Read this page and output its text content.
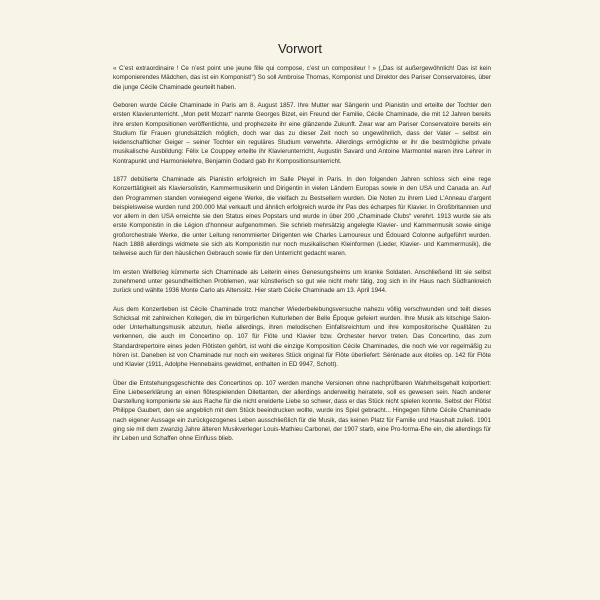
Vorwort

« C’est extraordinaire ! Ce n’est point une jeune fille qui compose, c’est un compositeur ! » („Das ist außergewöhnlich! Das ist kein komponierendes Mädchen, das ist ein Komponist!“) So soll Ambroise Thomas, Komponist und Direktor des Pariser Conservatoires, über die junge Cécile Chaminade geurteilt haben.

Geboren wurde Cécile Chaminade in Paris am 8. August 1857. Ihre Mutter war Sängerin und Pianistin und erteilte der Tochter den ersten Klavierunterricht. „Mon petit Mozart“ nannte Georges Bizet, ein Freund der Familie, Cécile Chaminade, die mit 12 Jahren bereits ihre ersten Kompositionen veröffentlichte, und prophezeite ihr eine glänzende Zukunft. Zwar war am Pariser Conservatoire bereits ein Studium für Frauen grundsätzlich möglich, doch war das zu dieser Zeit noch so ungewöhnlich, dass der Vater – selbst ein leidenschaftlicher Geiger – seiner Tochter ein reguläres Studium verwehrte. Allerdings ermöglichte er ihr die bestmögliche private musikalische Ausbildung: Félix Le Couppey erteilte ihr Klavierunterricht, Augustin Savard und Antoine Marmontel waren ihre Lehrer in Kontrapunkt und Harmonielehre, Benjamin Godard gab ihr Kompositionsunterricht.

1877 debütierte Chaminade als Pianistin erfolgreich im Salle Pleyel in Paris. In den folgenden Jahren schloss sich eine rege Konzerttätigkeit als Klaviersolistin, Kammermusikerin und Dirigentin in vielen Ländern Europas sowie in den USA und Canada an. Auf den Programmen standen vorwiegend eigene Werke, die vielfach zu Bestsellern wurden. Die Noten zu ihrem Lied L’Anneau d’argent beispielsweise wurden rund 200.000 Mal verkauft und ähnlich erfolgreich wurde ihr Pas des écharpes für Klavier. In Großbritannien und vor allem in den USA erreichte sie den Status eines Popstars und wurde in über 200 „Chaminade Clubs“ verehrt. 1913 wurde sie als erste Komponistin in die Légion d’honneur aufgenommen. Sie schrieb mehrsätzig angelegte Klavier- und Kammermusik sowie einige großorchestrale Werke, die unter Leitung renommierter Dirigenten wie Charles Lamoureux und Édouard Colonne aufgeführt wurden. Nach 1888 allerdings widmete sie sich als Komponistin nur noch musikalischen Kleinformen (Lieder, Klavier- und Kammermusik), die teilweise auch für den häuslichen Gebrauch sowie für den Unterricht gedacht waren.

Im ersten Weltkrieg kümmerte sich Chaminade als Leiterin eines Genesungsheims um kranke Soldaten. Anschließend litt sie selbst zunehmend unter gesundheitlichen Problemen, war künstlerisch so gut wie nicht mehr tätig, zog sich in ihr Haus nach Südfrankreich zurück und wählte 1936 Monte Carlo als Alterssitz. Hier starb Cécile Chaminade am 13. April 1944.

Aus dem Konzertleben ist Cécile Chaminade trotz mancher Wiederbelebungsversuche nahezu völlig verschwunden und teilt dieses Schicksal mit zahlreichen Kollegen, die im bürgerlichen Kulturleben der Belle Époque gefeiert wurden. Ihre Musik als kitschige Salon- oder Unterhaltungsmusik abzutun, hieße allerdings, ihren melodischen Einfallsreichtum und ihre kompositorische Qualitäten zu verkennen, die auch im Concertino op. 107 für Flöte und Klavier bzw. Orchester hervor treten. Das Concertino, das zum Standardrepertoire eines jeden Flötisten gehört, ist wohl die einzige Komposition Cécile Chaminades, die noch wie vor regelmäßig zu hören ist. Daneben ist von Chaminade nur noch ein weiteres Stück original für Flöte überliefert: Sérénade aux étoiles op. 142 für Flöte und Klavier (1911, Adolphe Hennebains gewidmet, enthalten in ED 9947, Schott).

Über die Entstehungsgeschichte des Concertinos op. 107 werden manche Versionen ohne nachprüfbaren Wahrheitsgehalt kolportiert: Eine Liebeserklärung an einen flötespielenden Dilettanten, der allerdings anderweitig heiratete, soll es gewesen sein. Nach anderer Darstellung komponierte sie aus Rache für die nicht erwiderte Liebe so schwer, dass er das Stück nicht spielen konnte. Selbst der Flötist Philippe Gaubert, den sie angeblich mit dem Stück beeindrucken wollte, wurde ins Spiel gebracht... Hingegen führte Cécile Chaminade nach eigener Aussage ein zurückgezogenes Leben ausschließlich für die Musik, das keinen Platz für Familie und Haushalt zuließ. 1901 ging sie mit dem zwanzig Jahre älteren Musikverleger Louis-Mathieu Carbonel, der 1907 starb, eine Pro-forma-Ehe ein, die allerdings für ihr Leben und Schaffen ohne Einfluss blieb.
